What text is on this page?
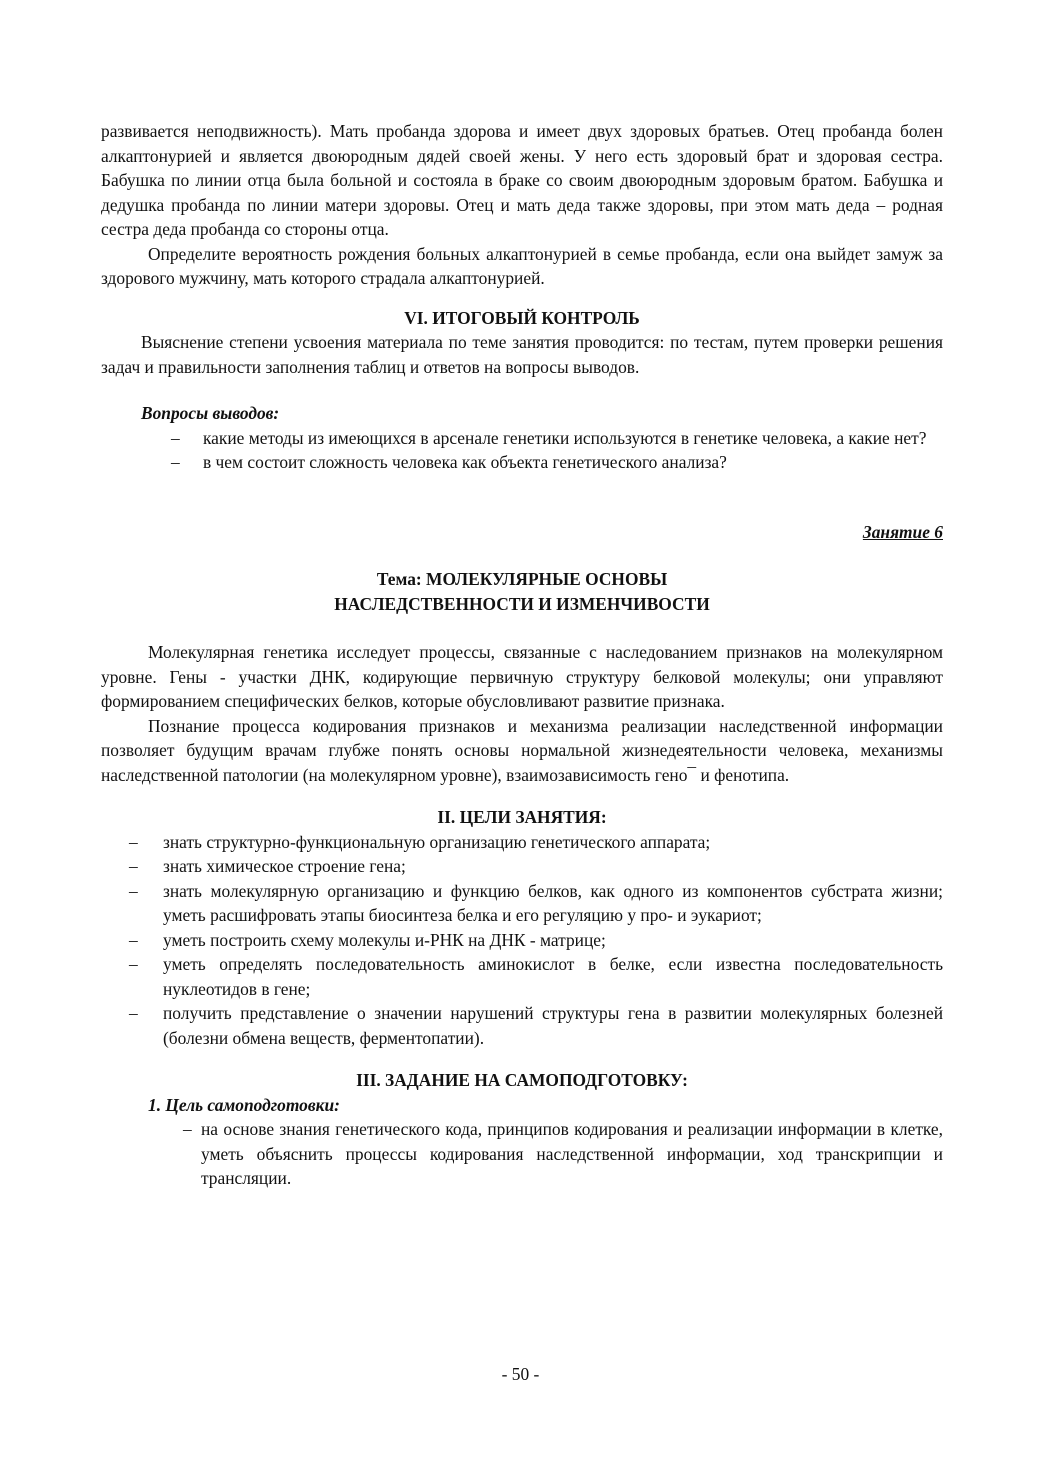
развивается неподвижность). Мать пробанда здорова и имеет двух здоровых братьев. Отец пробанда болен алкаптонурией и является двоюродным дядей своей жены. У него есть здоровый брат и здоровая сестра. Бабушка по линии отца была больной и состояла в браке со своим двоюродным здоровым братом. Бабушка и дедушка пробанда по линии матери здоровы. Отец и мать деда также здоровы, при этом мать деда – родная сестра деда пробанда со стороны отца.

Определите вероятность рождения больных алкаптонурией в семье пробанда, если она выйдет замуж за здорового мужчину, мать которого страдала алкаптонурией.

VI. ИТОГОВЫЙ КОНТРОЛЬ

Выяснение степени усвоения материала по теме занятия проводится: по тестам, путем проверки решения задач и правильности заполнения таблиц и ответов на вопросы выводов.

Вопросы выводов:

– какие методы из имеющихся в арсенале генетики используются в генетике человека, а какие нет?
– в чем состоит сложность человека как объекта генетического анализа?

Занятие 6

Тема: МОЛЕКУЛЯРНЫЕ ОСНОВЫ

НАСЛЕДСТВЕННОСТИ И ИЗМЕНЧИВОСТИ

Молекулярная генетика исследует процессы, связанные с наследованием признаков на молекулярном уровне. Гены - участки ДНК, кодирующие первичную структуру белковой молекулы; они управляют формированием специфических белков, которые обусловливают развитие признака.

Познание процесса кодирования признаков и механизма реализации наследственной информации позволяет будущим врачам глубже понять основы нормальной жизнедеятельности человека, механизмы наследственной патологии (на молекулярном уровне), взаимозависимость гено¯ и фенотипа.

II. ЦЕЛИ ЗАНЯТИЯ:

– знать структурно-функциональную организацию генетического аппарата;
– знать химическое строение гена;
– знать молекулярную организацию и функцию белков, как одного из компонентов субстрата жизни; уметь расшифровать этапы биосинтеза белка и его регуляцию у про- и эукариот;
– уметь построить схему молекулы и-РНК на ДНК - матрице;
– уметь определять последовательность аминокислот в белке, если известна последовательность нуклеотидов в гене;
– получить представление о значении нарушений структуры гена в развитии молекулярных болезней (болезни обмена веществ, ферментопатии).

III. ЗАДАНИЕ НА САМОПОДГОТОВКУ:

1. Цель самоподготовки:

– на основе знания генетического кода, принципов кодирования и реализации информации в клетке, уметь объяснить процессы кодирования наследственной информации, ход транскрипции и трансляции.
- 50 -
